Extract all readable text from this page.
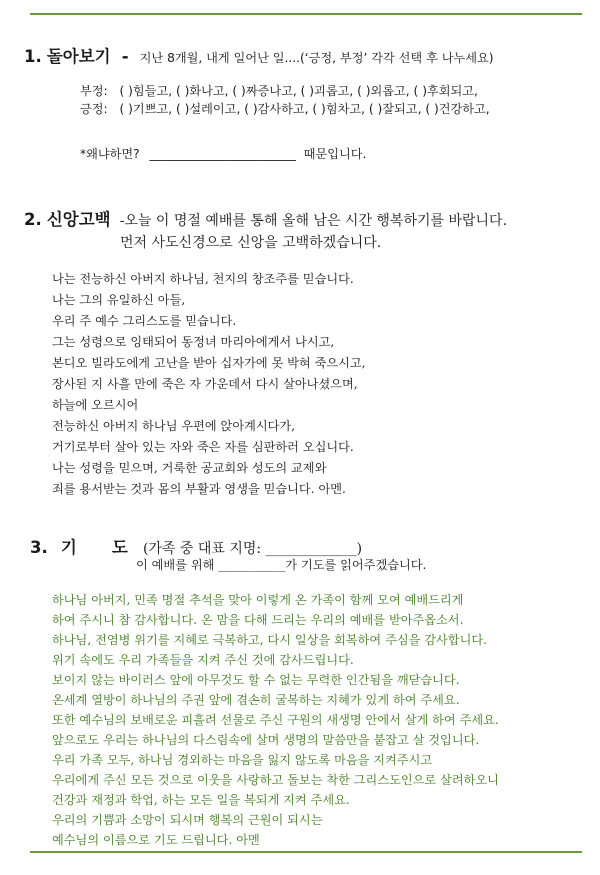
1. 돌아보기 - 지난 8개월, 내게 일어난 일....(‘긍정, 부정’ 각각 선택 후 나누세요)
부정: ( )힘들고, ( )화나고, ( )짜증나고, ( )괴롭고, ( )외롭고, ( )후회되고,
긍정: ( )기쁘고, ( )설레이고, ( )감사하고, ( )힘차고, ( )잘되고, ( )건강하고,
*왜냐하면? ________________________ 때문입니다.
2. 신앙고백 -오늘 이 명절 예배를 통해 올해 남은 시간 행복하기를 바랍니다.
먼저 사도신경으로 신앙을 고백하겠습니다.
나는 전능하신 아버지 하나님, 천지의 창조주를 믿습니다.
나는 그의 유일하신 아들,
우리 주 예수 그리스도를 믿습니다.
그는 성령으로 잉태되어 동정녀 마리아에게서 나시고,
본디오 빌라도에게 고난을 받아 십자가에 못 박혀 죽으시고,
장사된 지 사흘 만에 죽은 자 가운데서 다시 살아나셨으며,
하늘에 오르시어
전능하신 아버지 하나님 우편에 앉아계시다가,
거기로부터 살아 있는 자와 죽은 자를 심판하러 오십니다.
나는 성령을 믿으며, 거룩한 공교회와 성도의 교제와
죄를 용서받는 것과 몸의 부활과 영생을 믿습니다. 아멘.
3. 기 도 (가족 중 대표 지명: _____________)
이 예배를 위해 ___________가 기도를 읽어주겠습니다.
하나님 아버지, 민족 명절 추석을 맞아 이렇게 온 가족이 함께 모여 예배드리게
하여 주시니 참 감사합니다. 온 맘을 다해 드리는 우리의 예배를 받아주옵소서.
하나님, 전염병 위기를 지혜로 극복하고, 다시 일상을 회복하여 주심을 감사합니다.
위기 속에도 우리 가족들을 지켜 주신 것에 감사드립니다.
보이지 않는 바이러스 앞에 아무것도 할 수 없는 무력한 인간됨을 깨닫습니다.
온세계 열방이 하나님의 주권 앞에 겸손히 굴복하는 지혜가 있게 하여 주세요.
또한 예수님의 보배로운 피흘려 선물로 주신 구원의 새생명 안에서 살게 하여 주세요.
앞으로도 우리는 하나님의 다스림속에 살며 생명의 말씀만을 붙잡고 살 것입니다.
우리 가족 모두, 하나님 경외하는 마음을 잃지 않도록 마음을 지켜주시고
우리에게 주신 모든 것으로 이웃을 사랑하고 돌보는 착한 그리스도인으로 살려하오니
건강과 재정과 학업, 하는 모든 일을 복되게 지켜 주세요.
우리의 기쁨과 소망이 되시며 행복의 근원이 되시는
예수님의 이름으로 기도 드립니다. 아멘
